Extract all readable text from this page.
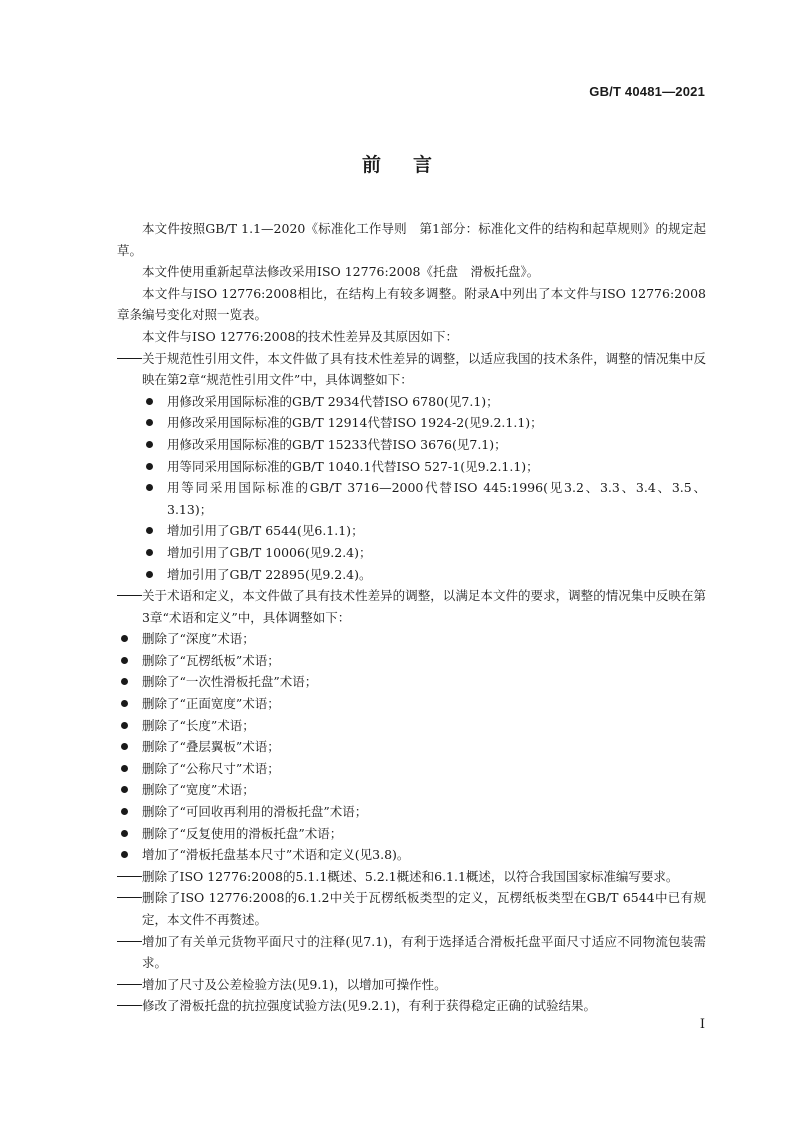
GB/T 40481—2021
前言

本文件按照GB/T 1.1—2020《标准化工作导则　第1部分：标准化文件的结构和起草规则》的规定起草。

本文件使用重新起草法修改采用ISO 12776:2008《托盘　滑板托盘》。

本文件与ISO 12776:2008相比，在结构上有较多调整。附录A中列出了本文件与ISO 12776:2008章条编号变化对照一览表。

本文件与ISO 12776:2008的技术性差异及其原因如下：

关于规范性引用文件，本文件做了具有技术性差异的调整，以适应我国的技术条件，调整的情况集中反映在第2章“规范性引用文件”中，具体调整如下：
用修改采用国际标准的GB/T 2934代替ISO 6780(见7.1)；
用修改采用国际标准的GB/T 12914代替ISO 1924-2(见9.2.1.1)；
用修改采用国际标准的GB/T 15233代替ISO 3676(见7.1)；
用等同采用国际标准的GB/T 1040.1代替ISO 527-1(见9.2.1.1)；
用等同采用国际标准的GB/T 3716—2000代替ISO 445:1996(见3.2、3.3、3.4、3.5、3.13)；
增加引用了GB/T 6544(见6.1.1)；
增加引用了GB/T 10006(见9.2.4)；
增加引用了GB/T 22895(见9.2.4)。
关于术语和定义，本文件做了具有技术性差异的调整，以满足本文件的要求，调整的情况集中反映在第3章“术语和定义”中，具体调整如下：
删除了“深度”术语；
删除了“瓦楞纸板”术语；
删除了“一次性滑板托盘”术语；
删除了“正面宽度”术语；
删除了“长度”术语；
删除了“叠层翼板”术语；
删除了“公称尺寸”术语；
删除了“宽度”术语；
删除了“可回收再利用的滑板托盘”术语；
删除了“反复使用的滑板托盘”术语；
增加了“滑板托盘基本尺寸”术语和定义(见3.8)。
删除了ISO 12776:2008的5.1.1概述、5.2.1概述和6.1.1概述，以符合我国国家标准编写要求。
删除了ISO 12776:2008的6.1.2中关于瓦楞纸板类型的定义，瓦楞纸板类型在GB/T 6544中已有规定，本文件不再赘述。
增加了有关单元货物平面尺寸的注释(见7.1)，有利于选择适合滑板托盘平面尺寸适应不同物流包装需求。
增加了尺寸及公差检验方法(见9.1)，以增加可操作性。
修改了滑板托盘的抗拉强度试验方法(见9.2.1)，有利于获得稳定正确的试验结果。
I
